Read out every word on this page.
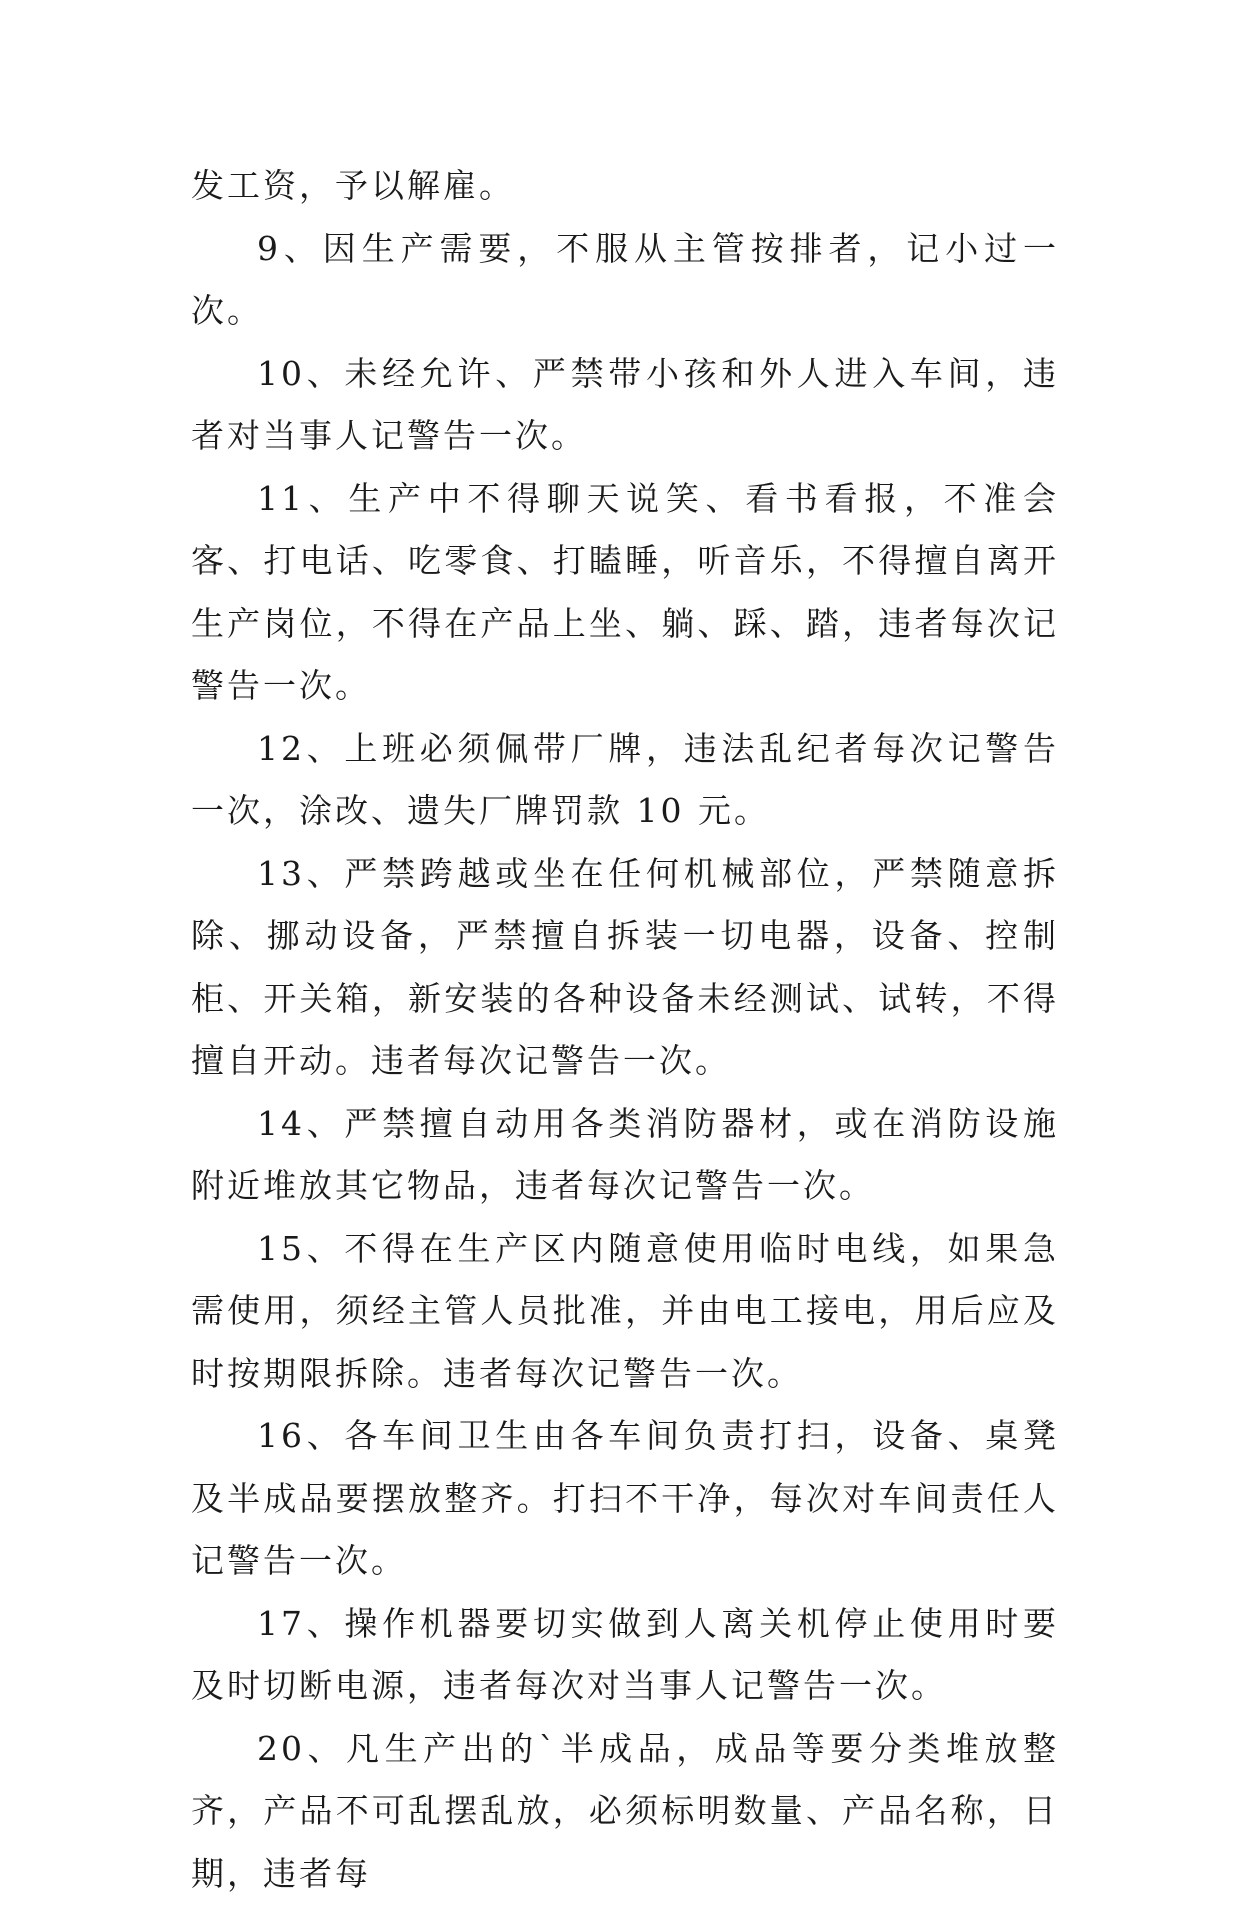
发工资，予以解雇。

9、因生产需要，不服从主管按排者，记小过一次。

10、未经允许、严禁带小孩和外人进入车间，违者对当事人记警告一次。

11、生产中不得聊天说笑、看书看报，不准会客、打电话、吃零食、打瞌睡，听音乐，不得擅自离开生产岗位，不得在产品上坐、躺、踩、踏，违者每次记警告一次。

12、上班必须佩带厂牌，违法乱纪者每次记警告一次，涂改、遗失厂牌罚款 10 元。

13、严禁跨越或坐在任何机械部位，严禁随意拆除、挪动设备，严禁擅自拆装一切电器，设备、控制柜、开关箱，新安装的各种设备未经测试、试转，不得擅自开动。违者每次记警告一次。

14、严禁擅自动用各类消防器材，或在消防设施附近堆放其它物品，违者每次记警告一次。

15、不得在生产区内随意使用临时电线，如果急需使用，须经主管人员批准，并由电工接电，用后应及时按期限拆除。违者每次记警告一次。

16、各车间卫生由各车间负责打扫，设备、桌凳及半成品要摆放整齐。打扫不干净，每次对车间责任人记警告一次。

17、操作机器要切实做到人离关机停止使用时要及时切断电源，违者每次对当事人记警告一次。

20、凡生产出的`半成品，成品等要分类堆放整齐，产品不可乱摆乱放，必须标明数量、产品名称，日期，违者每
